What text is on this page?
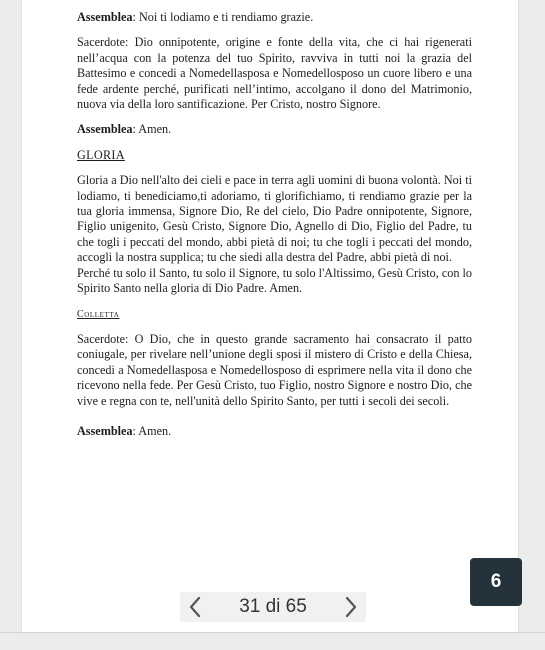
Assemblea: Noi ti lodiamo e ti rendiamo grazie.

Sacerdote: Dio onnipotente, origine e fonte della vita, che ci hai rigenerati nell’acqua con la potenza del tuo Spirito, ravviva in tutti noi la grazia del Battesimo e concedi a Nomedellasposa e Nomedellosposo un cuore libero e una fede ardente perché, purificati nell’intimo, accolgano il dono del Matrimonio, nuova via della loro santificazione. Per Cristo, nostro Signore.

Assemblea: Amen.

GLORIA

Gloria a Dio nell'alto dei cieli e pace in terra agli uomini di buona volontà. Noi ti lodiamo, ti benediciamo,ti adoriamo, ti glorifichiamo, ti rendiamo grazie per la tua gloria immensa, Signore Dio, Re del cielo, Dio Padre onnipotente, Signore, Figlio unigenito, Gesù Cristo, Signore Dio, Agnello di Dio, Figlio del Padre, tu che togli i peccati del mondo, abbi pietà di noi; tu che togli i peccati del mondo, accogli la nostra supplica; tu che siedi alla destra del Padre, abbi pietà di noi.

Perché tu solo il Santo, tu solo il Signore, tu solo l'Altissimo, Gesù Cristo, con lo Spirito Santo nella gloria di Dio Padre. Amen.

Colletta

Sacerdote: O Dio, che in questo grande sacramento hai consacrato il patto coniugale, per rivelare nell’unione degli sposi il mistero di Cristo e della Chiesa, concedi a Nomedellasposa e Nomedellosposo di esprimere nella vita il dono che ricevono nella fede. Per Gesù Cristo, tuo Figlio, nostro Signore e nostro Dio, che vive e regna con te, nell'unità dello Spirito Santo, per tutti i secoli dei secoli.

Assemblea: Amen.

31 di 65
6
